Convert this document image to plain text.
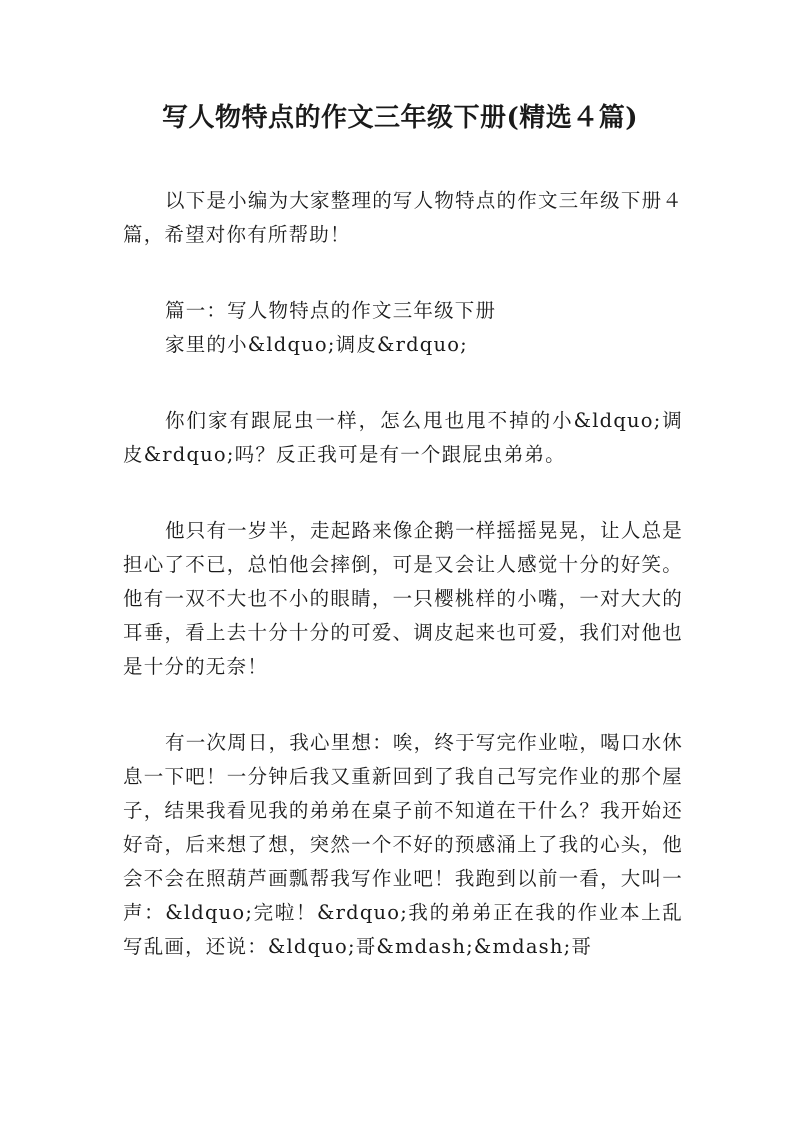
写人物特点的作文三年级下册(精选４篇)

以下是小编为大家整理的写人物特点的作文三年级下册４篇，希望对你有所帮助！

篇一：写人物特点的作文三年级下册

家里的小&ldquo;调皮&rdquo;

你们家有跟屁虫一样，怎么甩也甩不掉的小&ldquo;调皮&rdquo;吗？反正我可是有一个跟屁虫弟弟。

他只有一岁半，走起路来像企鹅一样摇摇晃晃，让人总是担心了不已，总怕他会摔倒，可是又会让人感觉十分的好笑。他有一双不大也不小的眼睛，一只樱桃样的小嘴，一对大大的耳垂，看上去十分十分的可爱、调皮起来也可爱，我们对他也是十分的无奈！

有一次周日，我心里想：唉，终于写完作业啦，喝口水休息一下吧！一分钟后我又重新回到了我自己写完作业的那个屋子，结果我看见我的弟弟在桌子前不知道在干什么？我开始还好奇，后来想了想，突然一个不好的预感涌上了我的心头，他会不会在照葫芦画瓢帮我写作业吧！我跑到以前一看，大叫一声：&ldquo;完啦！&rdquo;我的弟弟正在我的作业本上乱写乱画，还说：&ldquo;哥&mdash;&mdash;哥
